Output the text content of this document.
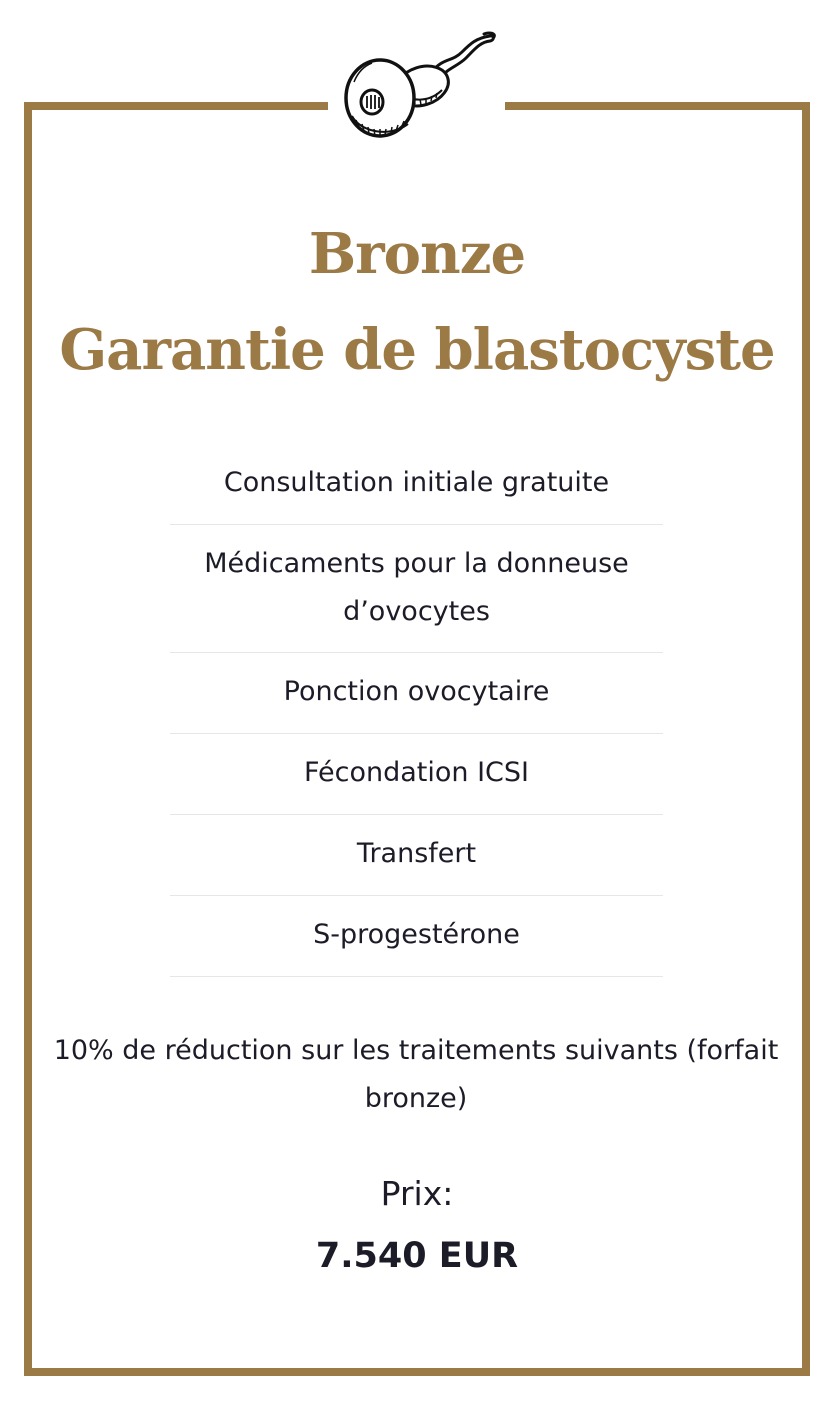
Bronze
Garantie de blastocyste
Consultation initiale gratuite
Médicaments pour la donneuse d’ovocytes
Ponction ovocytaire
Fécondation ICSI
Transfert
S-progestérone
10% de réduction sur les traitements suivants (forfait bronze)
Prix:
7.540 EUR
